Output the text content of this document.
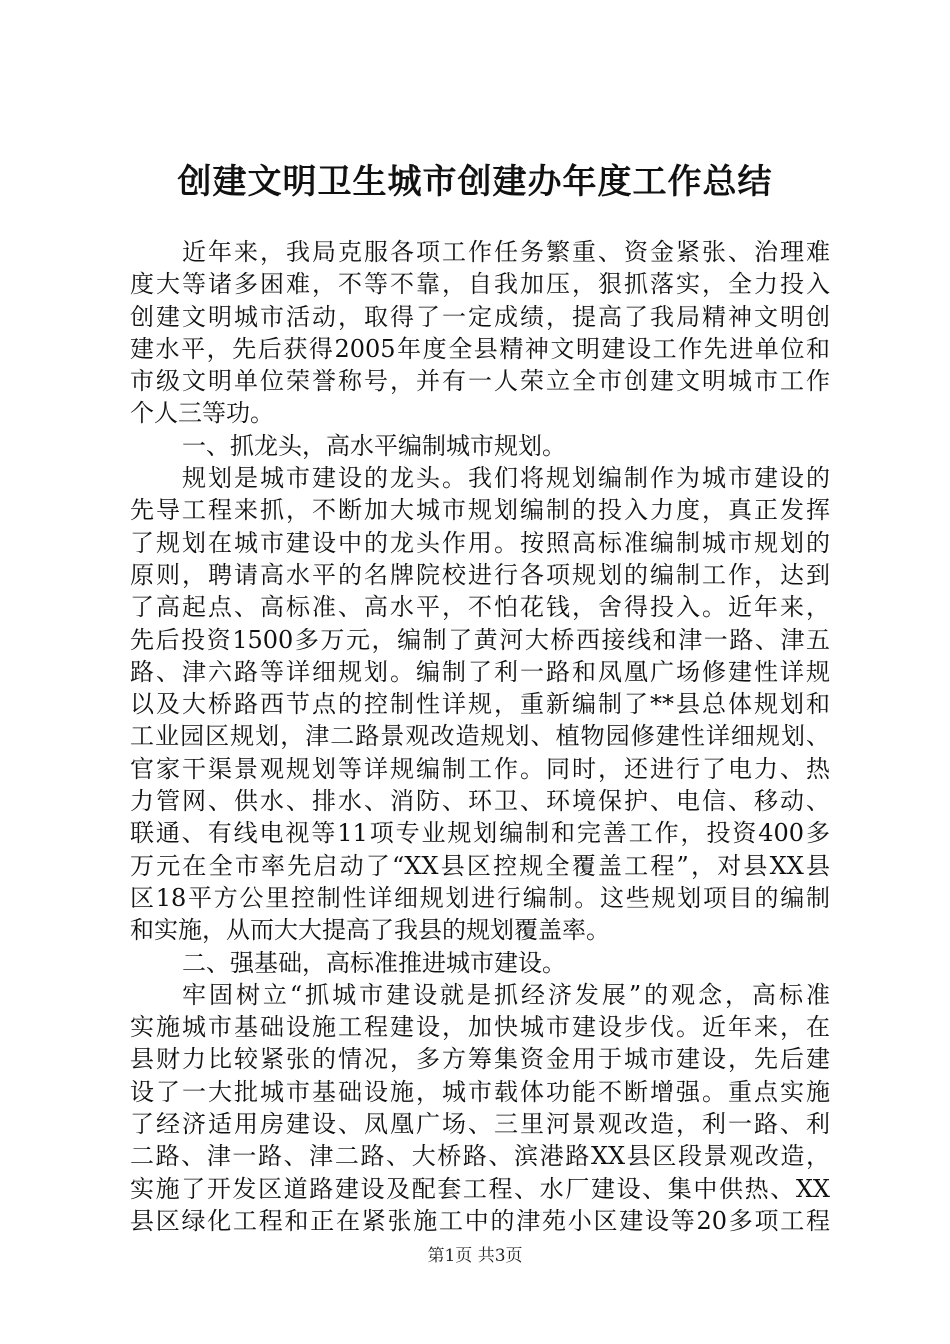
创建文明卫生城市创建办年度工作总结
近年来，我局克服各项工作任务繁重、资金紧张、治理难
度大等诸多困难，不等不靠，自我加压，狠抓落实，全力投入
创建文明城市活动，取得了一定成绩，提高了我局精神文明创
建水平，先后获得2005年度全县精神文明建设工作先进单位和
市级文明单位荣誉称号，并有一人荣立全市创建文明城市工作
个人三等功。
一、抓龙头，高水平编制城市规划。
规划是城市建设的龙头。我们将规划编制作为城市建设的
先导工程来抓，不断加大城市规划编制的投入力度，真正发挥
了规划在城市建设中的龙头作用。按照高标准编制城市规划的
原则，聘请高水平的名牌院校进行各项规划的编制工作，达到
了高起点、高标准、高水平，不怕花钱，舍得投入。近年来，
先后投资1500多万元，编制了黄河大桥西接线和津一路、津五
路、津六路等详细规划。编制了利一路和凤凰广场修建性详规
以及大桥路西节点的控制性详规，重新编制了**县总体规划和
工业园区规划，津二路景观改造规划、植物园修建性详细规划、
官家干渠景观规划等详规编制工作。同时，还进行了电力、热
力管网、供水、排水、消防、环卫、环境保护、电信、移动、
联通、有线电视等11项专业规划编制和完善工作，投资400多
万元在全市率先启动了“XX县区控规全覆盖工程”，对县XX县
区18平方公里控制性详细规划进行编制。这些规划项目的编制
和实施，从而大大提高了我县的规划覆盖率。
二、强基础，高标准推进城市建设。
牢固树立“抓城市建设就是抓经济发展”的观念，高标准
实施城市基础设施工程建设，加快城市建设步伐。近年来，在
县财力比较紧张的情况，多方筹集资金用于城市建设，先后建
设了一大批城市基础设施，城市载体功能不断增强。重点实施
了经济适用房建设、凤凰广场、三里河景观改造，利一路、利
二路、津一路、津二路、大桥路、滨港路XX县区段景观改造，
实施了开发区道路建设及配套工程、水厂建设、集中供热、XX
县区绿化工程和正在紧张施工中的津苑小区建设等20多项工程
第1页 共3页
